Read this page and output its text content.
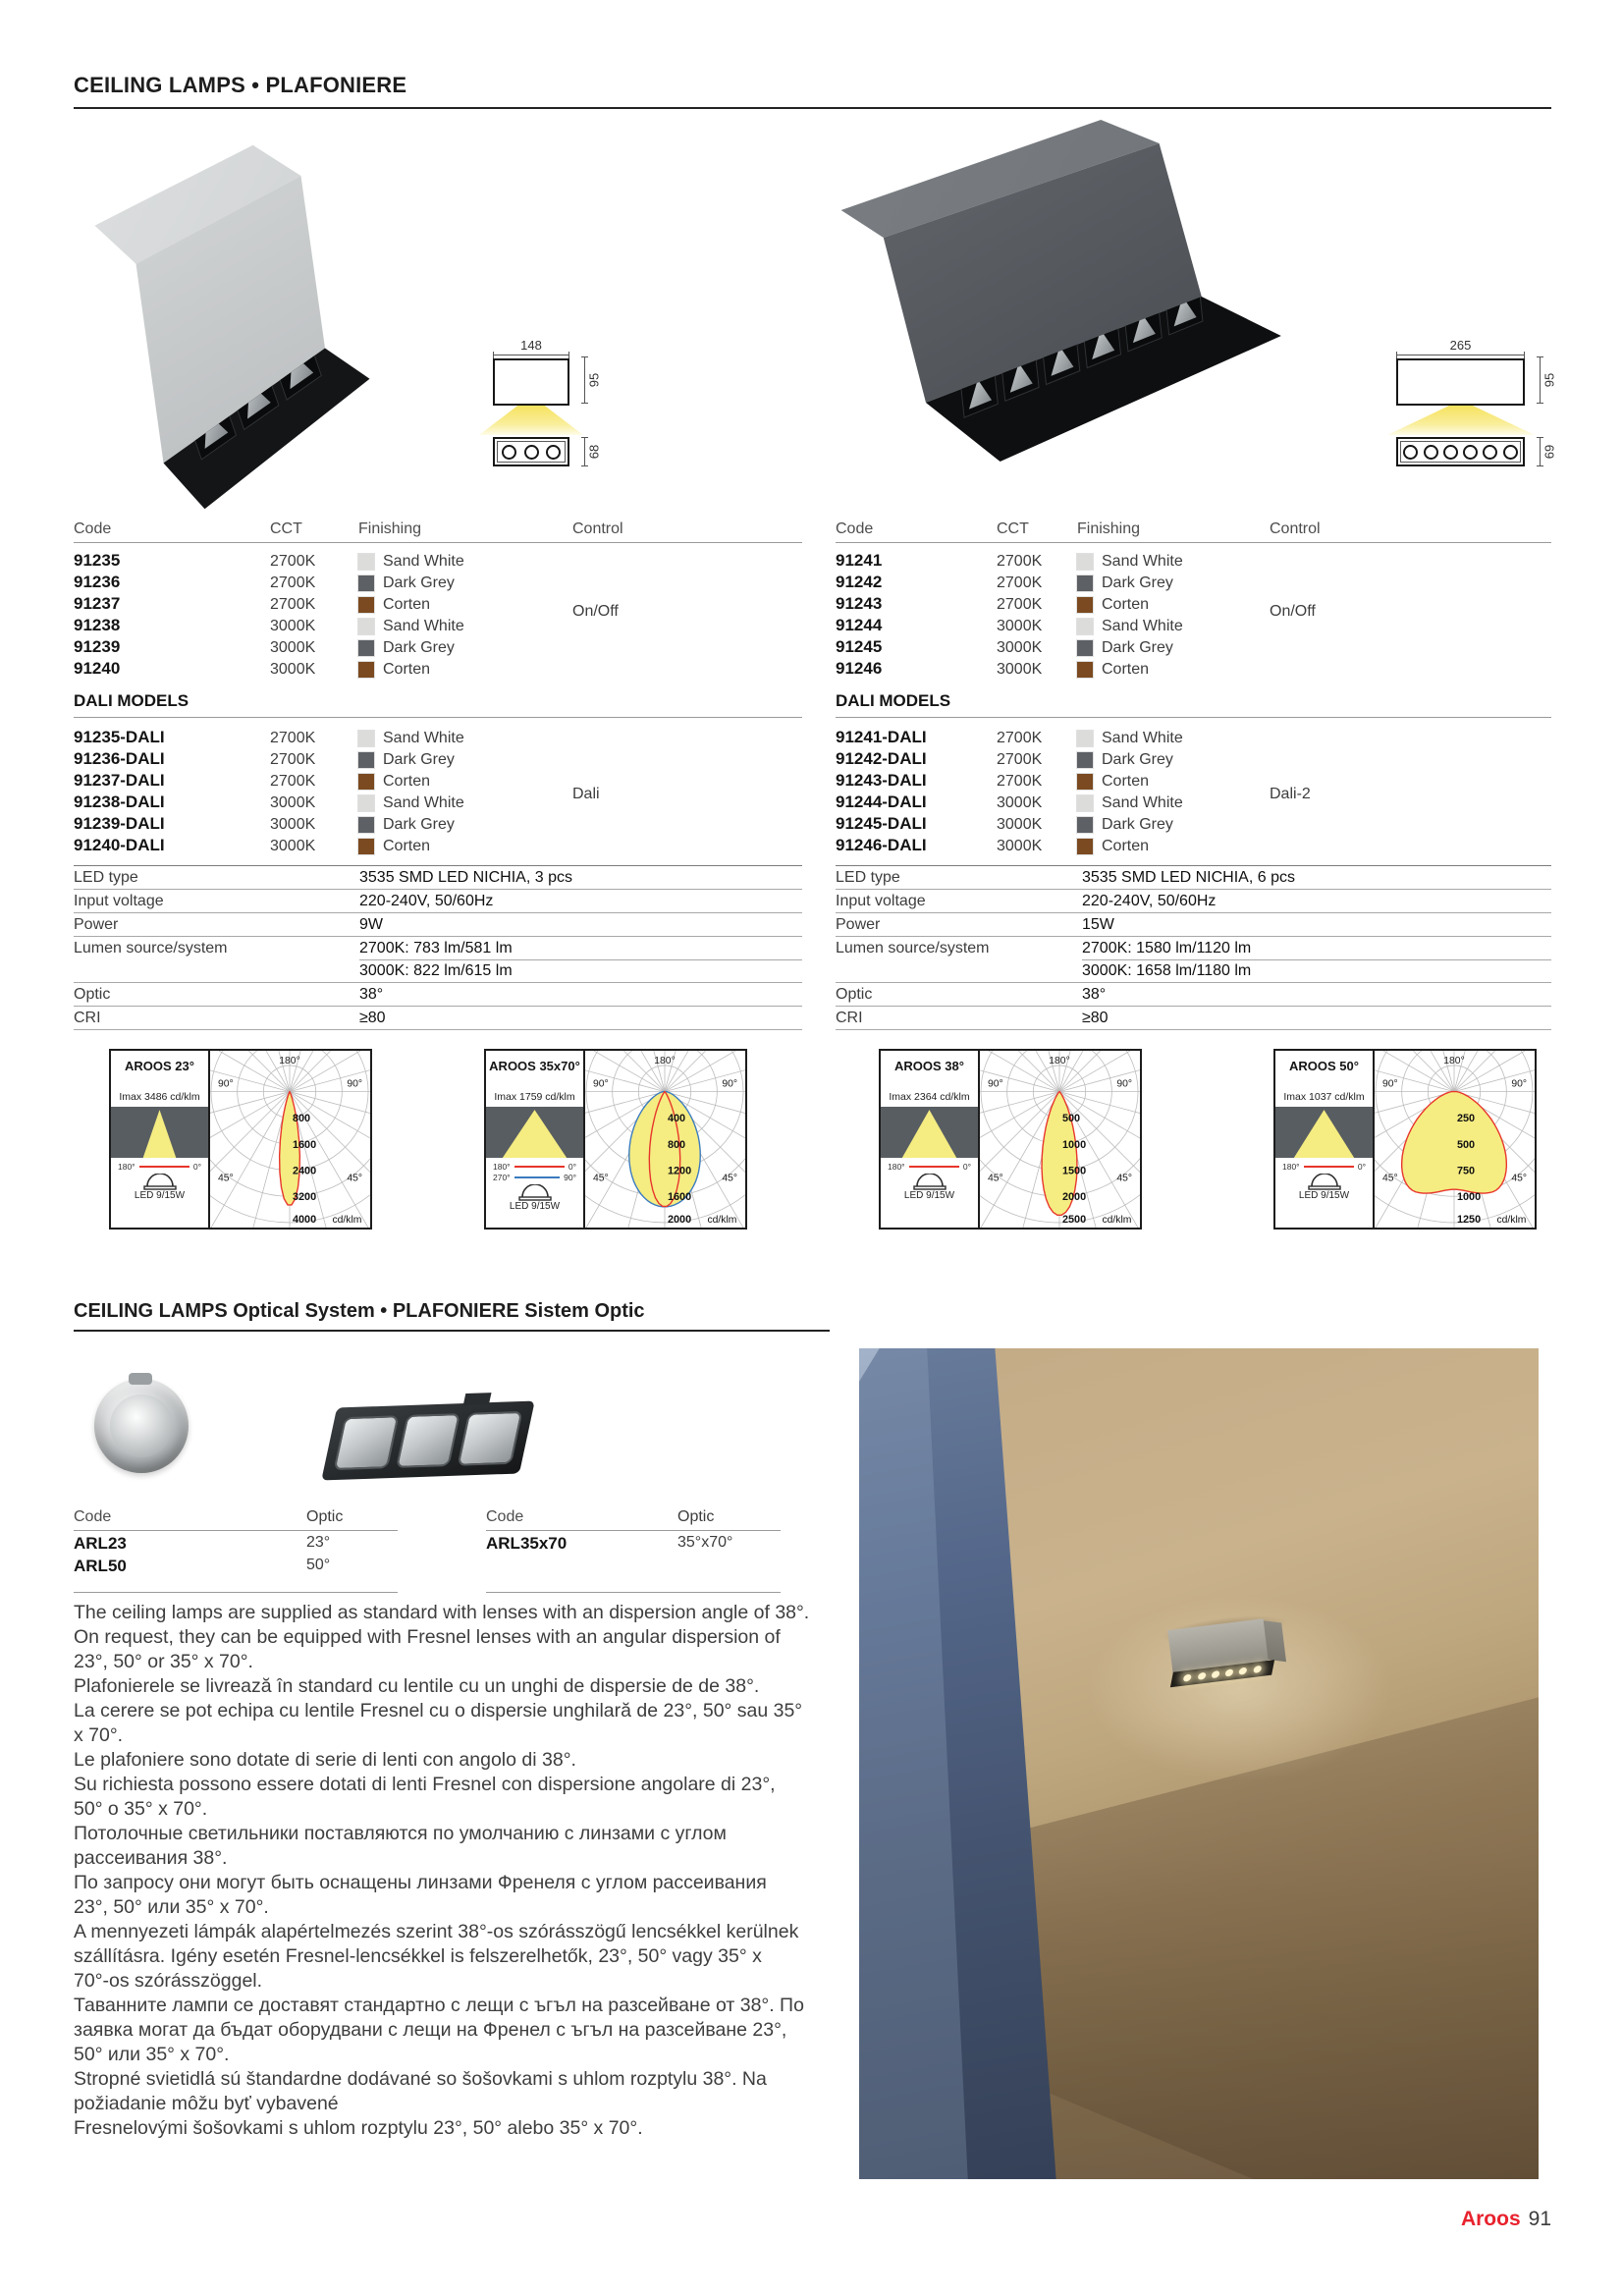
CEILING LAMPS • PLAFONIERE
148
95
68
265
95
69
Code	CCT	Finishing	Control
91235	2700K	Sand White
91236	2700K	Dark Grey
91237	2700K	Corten
91238	3000K	Sand White
91239	3000K	Dark Grey
91240	3000K	Corten
On/Off
Code	CCT	Finishing	Control
91241	2700K	Sand White
91242	2700K	Dark Grey
91243	2700K	Corten
91244	3000K	Sand White
91245	3000K	Dark Grey
91246	3000K	Corten
On/Off
DALI MODELS
91235-DALI	2700K	Sand White
91236-DALI	2700K	Dark Grey
91237-DALI	2700K	Corten
91238-DALI	3000K	Sand White
91239-DALI	3000K	Dark Grey
91240-DALI	3000K	Corten
Dali
DALI MODELS
91241-DALI	2700K	Sand White
91242-DALI	2700K	Dark Grey
91243-DALI	2700K	Corten
91244-DALI	3000K	Sand White
91245-DALI	3000K	Dark Grey
91246-DALI	3000K	Corten
Dali-2
LED type	3535 SMD LED NICHIA, 3 pcs
Input voltage	220-240V, 50/60Hz
Power	9W
Lumen source/system	2700K: 783 lm/581 lm
3000K: 822 lm/615 lm
Optic	38°
CRI	≥80
LED type	3535 SMD LED NICHIA, 6 pcs
Input voltage	220-240V, 50/60Hz
Power	15W
Lumen source/system	2700K: 1580 lm/1120 lm
3000K: 1658 lm/1180 lm
Optic	38°
CRI	≥80
AROOS 23°
Imax 3486 cd/klm
180°	0°
LED 9/15W
800
1600
2400
3200
4000 cd/klm
180°
90°	90°
45°	45°
AROOS 35x70°
Imax 1759 cd/klm
180°	0°
270°	90°
LED 9/15W
400
800
1200
1600
2000 cd/klm
180°
90°	90°
45°	45°
AROOS 38°
Imax 2364 cd/klm
180°	0°
LED 9/15W
500
1000
1500
2000
2500 cd/klm
180°
90°	90°
45°	45°
AROOS 50°
Imax 1037 cd/klm
180°	0°
LED 9/15W
250
500
750
1000
1250 cd/klm
180°
90°	90°
45°	45°
CEILING LAMPS Optical System • PLAFONIERE Sistem Optic
Code	Optic
ARL23	23°
ARL50	50°
Code	Optic
ARL35x70	35°x70°
The ceiling lamps are supplied as standard with lenses with an dispersion angle of 38°.
On request, they can be equipped with Fresnel lenses with an angular dispersion of
23°, 50° or 35° x 70°.
Plafonierele se livrează în standard cu lentile cu un unghi de dispersie de de 38°.
La cerere se pot echipa cu lentile Fresnel cu o dispersie unghilară de 23°, 50° sau 35°
x 70°.
Le plafoniere sono dotate di serie di lenti con angolo di 38°.
Su richiesta possono essere dotati di lenti Fresnel con dispersione angolare di 23°,
50° o 35° x 70°.
Потолочные светильники поставляются по умолчанию с линзами с углом
рассеивания 38°.
По запросу они могут быть оснащены линзами Френеля с углом рассеивания
23°, 50° или 35° x 70°.
A mennyezeti lámpák alapértelmezés szerint 38°-os szórásszögű lencsékkel kerülnek
szállításra. Igény esetén Fresnel-lencsékkel is felszerelhetők, 23°, 50° vagy 35° x
70°-os szórásszöggel.
Таванните лампи се доставят стандартно с лещи с ъгъл на разсейване от 38°. По
заявка могат да бъдат оборудвани с лещи на Френел с ъгъл на разсейване 23°,
50° или 35° x 70°.
Stropné svietidlá sú štandardne dodávané so šošovkami s uhlom rozptylu 38°. Na
požiadanie môžu byť vybavené
Fresnelovými šošovkami s uhlom rozptylu 23°, 50° alebo 35° x 70°.
Aroos 91
